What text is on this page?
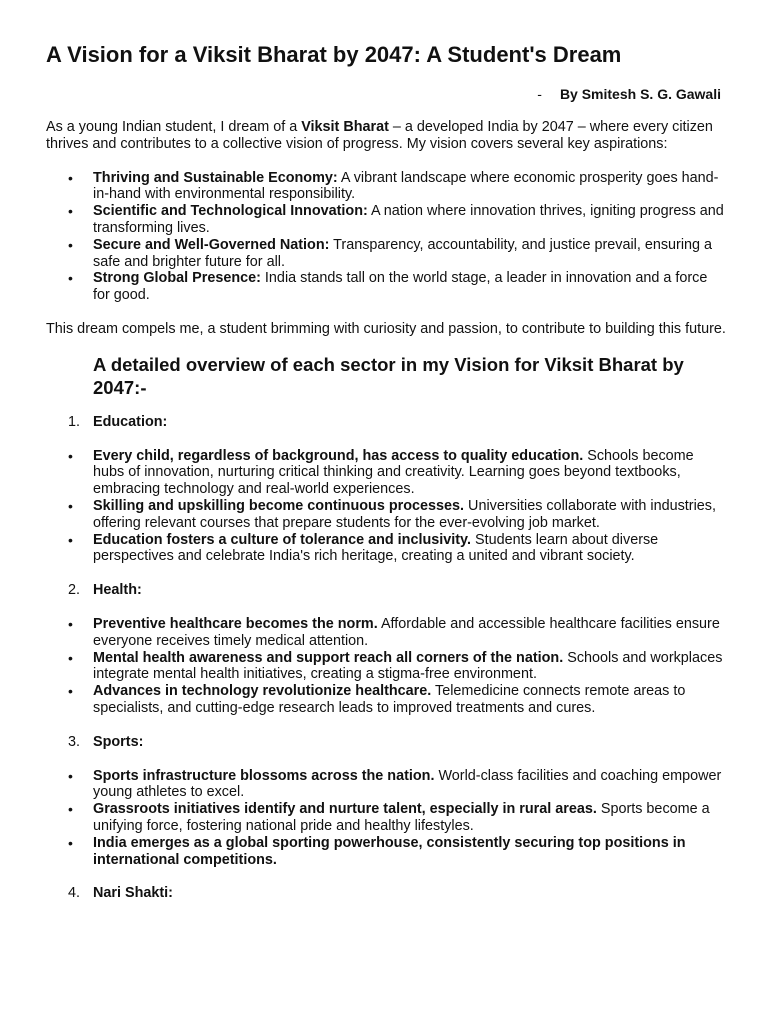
A Vision for a Viksit Bharat by 2047: A Student's Dream
- By Smitesh S. G. Gawali

As a young Indian student, I dream of a Viksit Bharat – a developed India by 2047 – where every citizen thrives and contributes to a collective vision of progress. My vision covers several key aspirations:

• Thriving and Sustainable Economy: A vibrant landscape where economic prosperity goes hand-in-hand with environmental responsibility.
• Scientific and Technological Innovation: A nation where innovation thrives, igniting progress and transforming lives.
• Secure and Well-Governed Nation: Transparency, accountability, and justice prevail, ensuring a safe and brighter future for all.
• Strong Global Presence: India stands tall on the world stage, a leader in innovation and a force for good.

This dream compels me, a student brimming with curiosity and passion, to contribute to building this future.

A detailed overview of each sector in my Vision for Viksit Bharat by 2047:-
1. Education:
• Every child, regardless of background, has access to quality education. Schools become hubs of innovation, nurturing critical thinking and creativity. Learning goes beyond textbooks, embracing technology and real-world experiences.
• Skilling and upskilling become continuous processes. Universities collaborate with industries, offering relevant courses that prepare students for the ever-evolving job market.
• Education fosters a culture of tolerance and inclusivity. Students learn about diverse perspectives and celebrate India's rich heritage, creating a united and vibrant society.
2. Health:
• Preventive healthcare becomes the norm. Affordable and accessible healthcare facilities ensure everyone receives timely medical attention.
• Mental health awareness and support reach all corners of the nation. Schools and workplaces integrate mental health initiatives, creating a stigma-free environment.
• Advances in technology revolutionize healthcare. Telemedicine connects remote areas to specialists, and cutting-edge research leads to improved treatments and cures.
3. Sports:
• Sports infrastructure blossoms across the nation. World-class facilities and coaching empower young athletes to excel.
• Grassroots initiatives identify and nurture talent, especially in rural areas. Sports become a unifying force, fostering national pride and healthy lifestyles.
• India emerges as a global sporting powerhouse, consistently securing top positions in international competitions.
4. Nari Shakti:
